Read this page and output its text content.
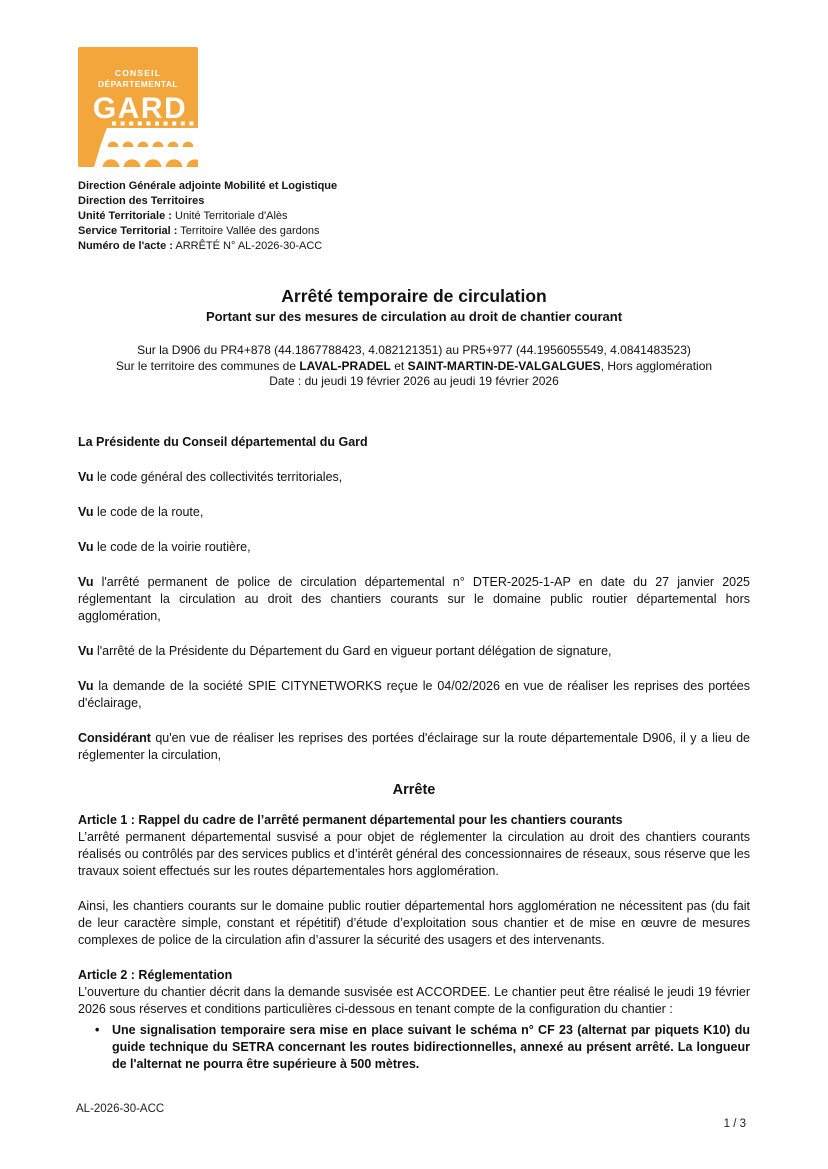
CONSEIL
DÉPARTEMENTAL
GARD
Direction Générale adjointe Mobilité et Logistique
Direction des Territoires
Unité Territoriale : Unité Territoriale d'Alès
Service Territorial : Territoire Vallée des gardons
Numéro de l'acte : ARRÊTÉ N° AL-2026-30-ACC
Arrêté temporaire de circulation
Portant sur des mesures de circulation au droit de chantier courant
Sur la D906 du PR4+878 (44.1867788423, 4.082121351) au PR5+977 (44.1956055549, 4.0841483523)
Sur le territoire des communes de LAVAL-PRADEL et SAINT-MARTIN-DE-VALGALGUES, Hors agglomération
Date : du jeudi 19 février 2026 au jeudi 19 février 2026

La Présidente du Conseil départemental du Gard

Vu le code général des collectivités territoriales,

Vu le code de la route,

Vu le code de la voirie routière,

Vu l'arrêté permanent de police de circulation départemental n° DTER-2025-1-AP en date du 27 janvier 2025 réglementant la circulation au droit des chantiers courants sur le domaine public routier départemental hors agglomération,

Vu l'arrêté de la Présidente du Département du Gard en vigueur portant délégation de signature,

Vu la demande de la société SPIE CITYNETWORKS reçue le 04/02/2026 en vue de réaliser les reprises des portées d'éclairage,

Considérant qu'en vue de réaliser les reprises des portées d'éclairage sur la route départementale D906, il y a lieu de réglementer la circulation,

Arrête

Article 1 : Rappel du cadre de l’arrêté permanent départemental pour les chantiers courants

L’arrêté permanent départemental susvisé a pour objet de réglementer la circulation au droit des chantiers courants réalisés ou contrôlés par des services publics et d’intérêt général des concessionnaires de réseaux, sous réserve que les travaux soient effectués sur les routes départementales hors agglomération.

Ainsi, les chantiers courants sur le domaine public routier départemental hors agglomération ne nécessitent pas (du fait de leur caractère simple, constant et répétitif) d’étude d’exploitation sous chantier et de mise en œuvre de mesures complexes de police de la circulation afin d’assurer la sécurité des usagers et des intervenants.

Article 2 : Réglementation

L’ouverture du chantier décrit dans la demande susvisée est ACCORDEE. Le chantier peut être réalisé le jeudi 19 février 2026 sous réserves et conditions particulières ci-dessous en tenant compte de la configuration du chantier :

•
Une signalisation temporaire sera mise en place suivant le schéma n° CF 23 (alternat par piquets K10) du guide technique du SETRA concernant les routes bidirectionnelles, annexé au présent arrêté. La longueur de l'alternat ne pourra être supérieure à 500 mètres.
AL-2026-30-ACC
1 / 3
